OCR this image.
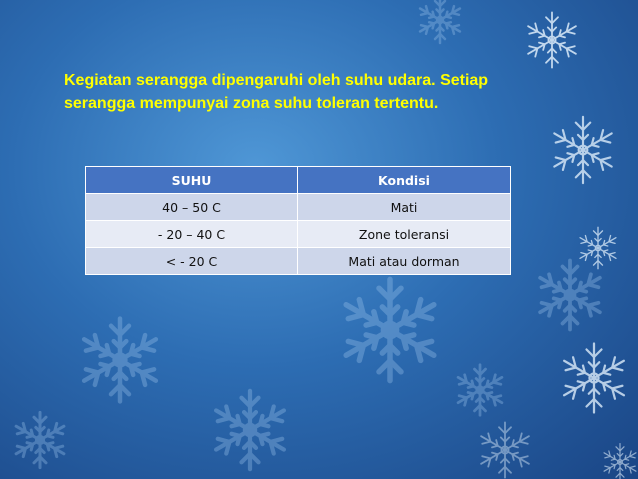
Kegiatan serangga dipengaruhi oleh suhu udara. Setiap
serangga mempunyai zona suhu toleran tertentu.
SUHU	Kondisi
40 – 50 C	Mati
- 20 – 40 C	Zone toleransi
< - 20 C	Mati atau dorman
